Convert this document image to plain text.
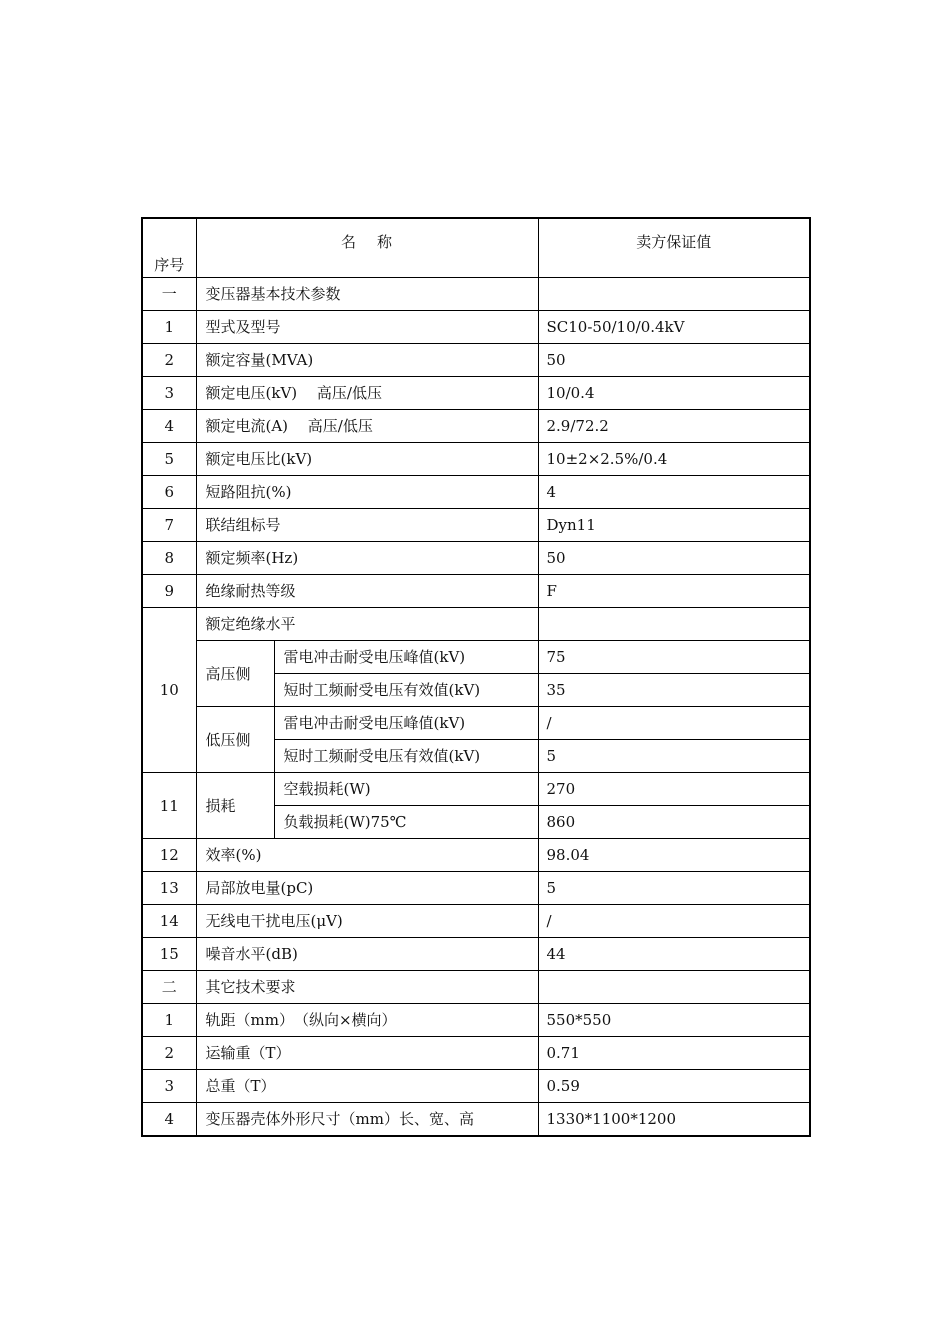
序号	名 称		卖方保证值
一	变压器基本技术参数		
1	型式及型号		SC10-50/10/0.4kV
2	额定容量(MVA)		50
3	额定电压(kV)　 高压/低压		10/0.4
4	额定电流(A)　 高压/低压		2.9/72.2
5	额定电压比(kV)		10±2×2.5%/0.4
6	短路阻抗(%)		4
7	联结组标号		Dyn11
8	额定频率(Hz)		50
9	绝缘耐热等级		F
10	额定绝缘水平		
	高压侧	雷电冲击耐受电压峰值(kV)	75
		短时工频耐受电压有效值(kV)	35
	低压侧	雷电冲击耐受电压峰值(kV)	/
		短时工频耐受电压有效值(kV)	5
11	损耗	空载损耗(W)	270
		负载损耗(W)75℃	860
12	效率(%)		98.04
13	局部放电量(pC)		5
14	无线电干扰电压(μV)		/
15	噪音水平(dB)		44
二	其它技术要求		
1	轨距（mm）　（纵向×横向）		550*550
2	运输重（T）		0.71
3	总重（T）		0.59
4	变压器壳体外形尺寸（mm）长、宽、高		1330*1100*1200
